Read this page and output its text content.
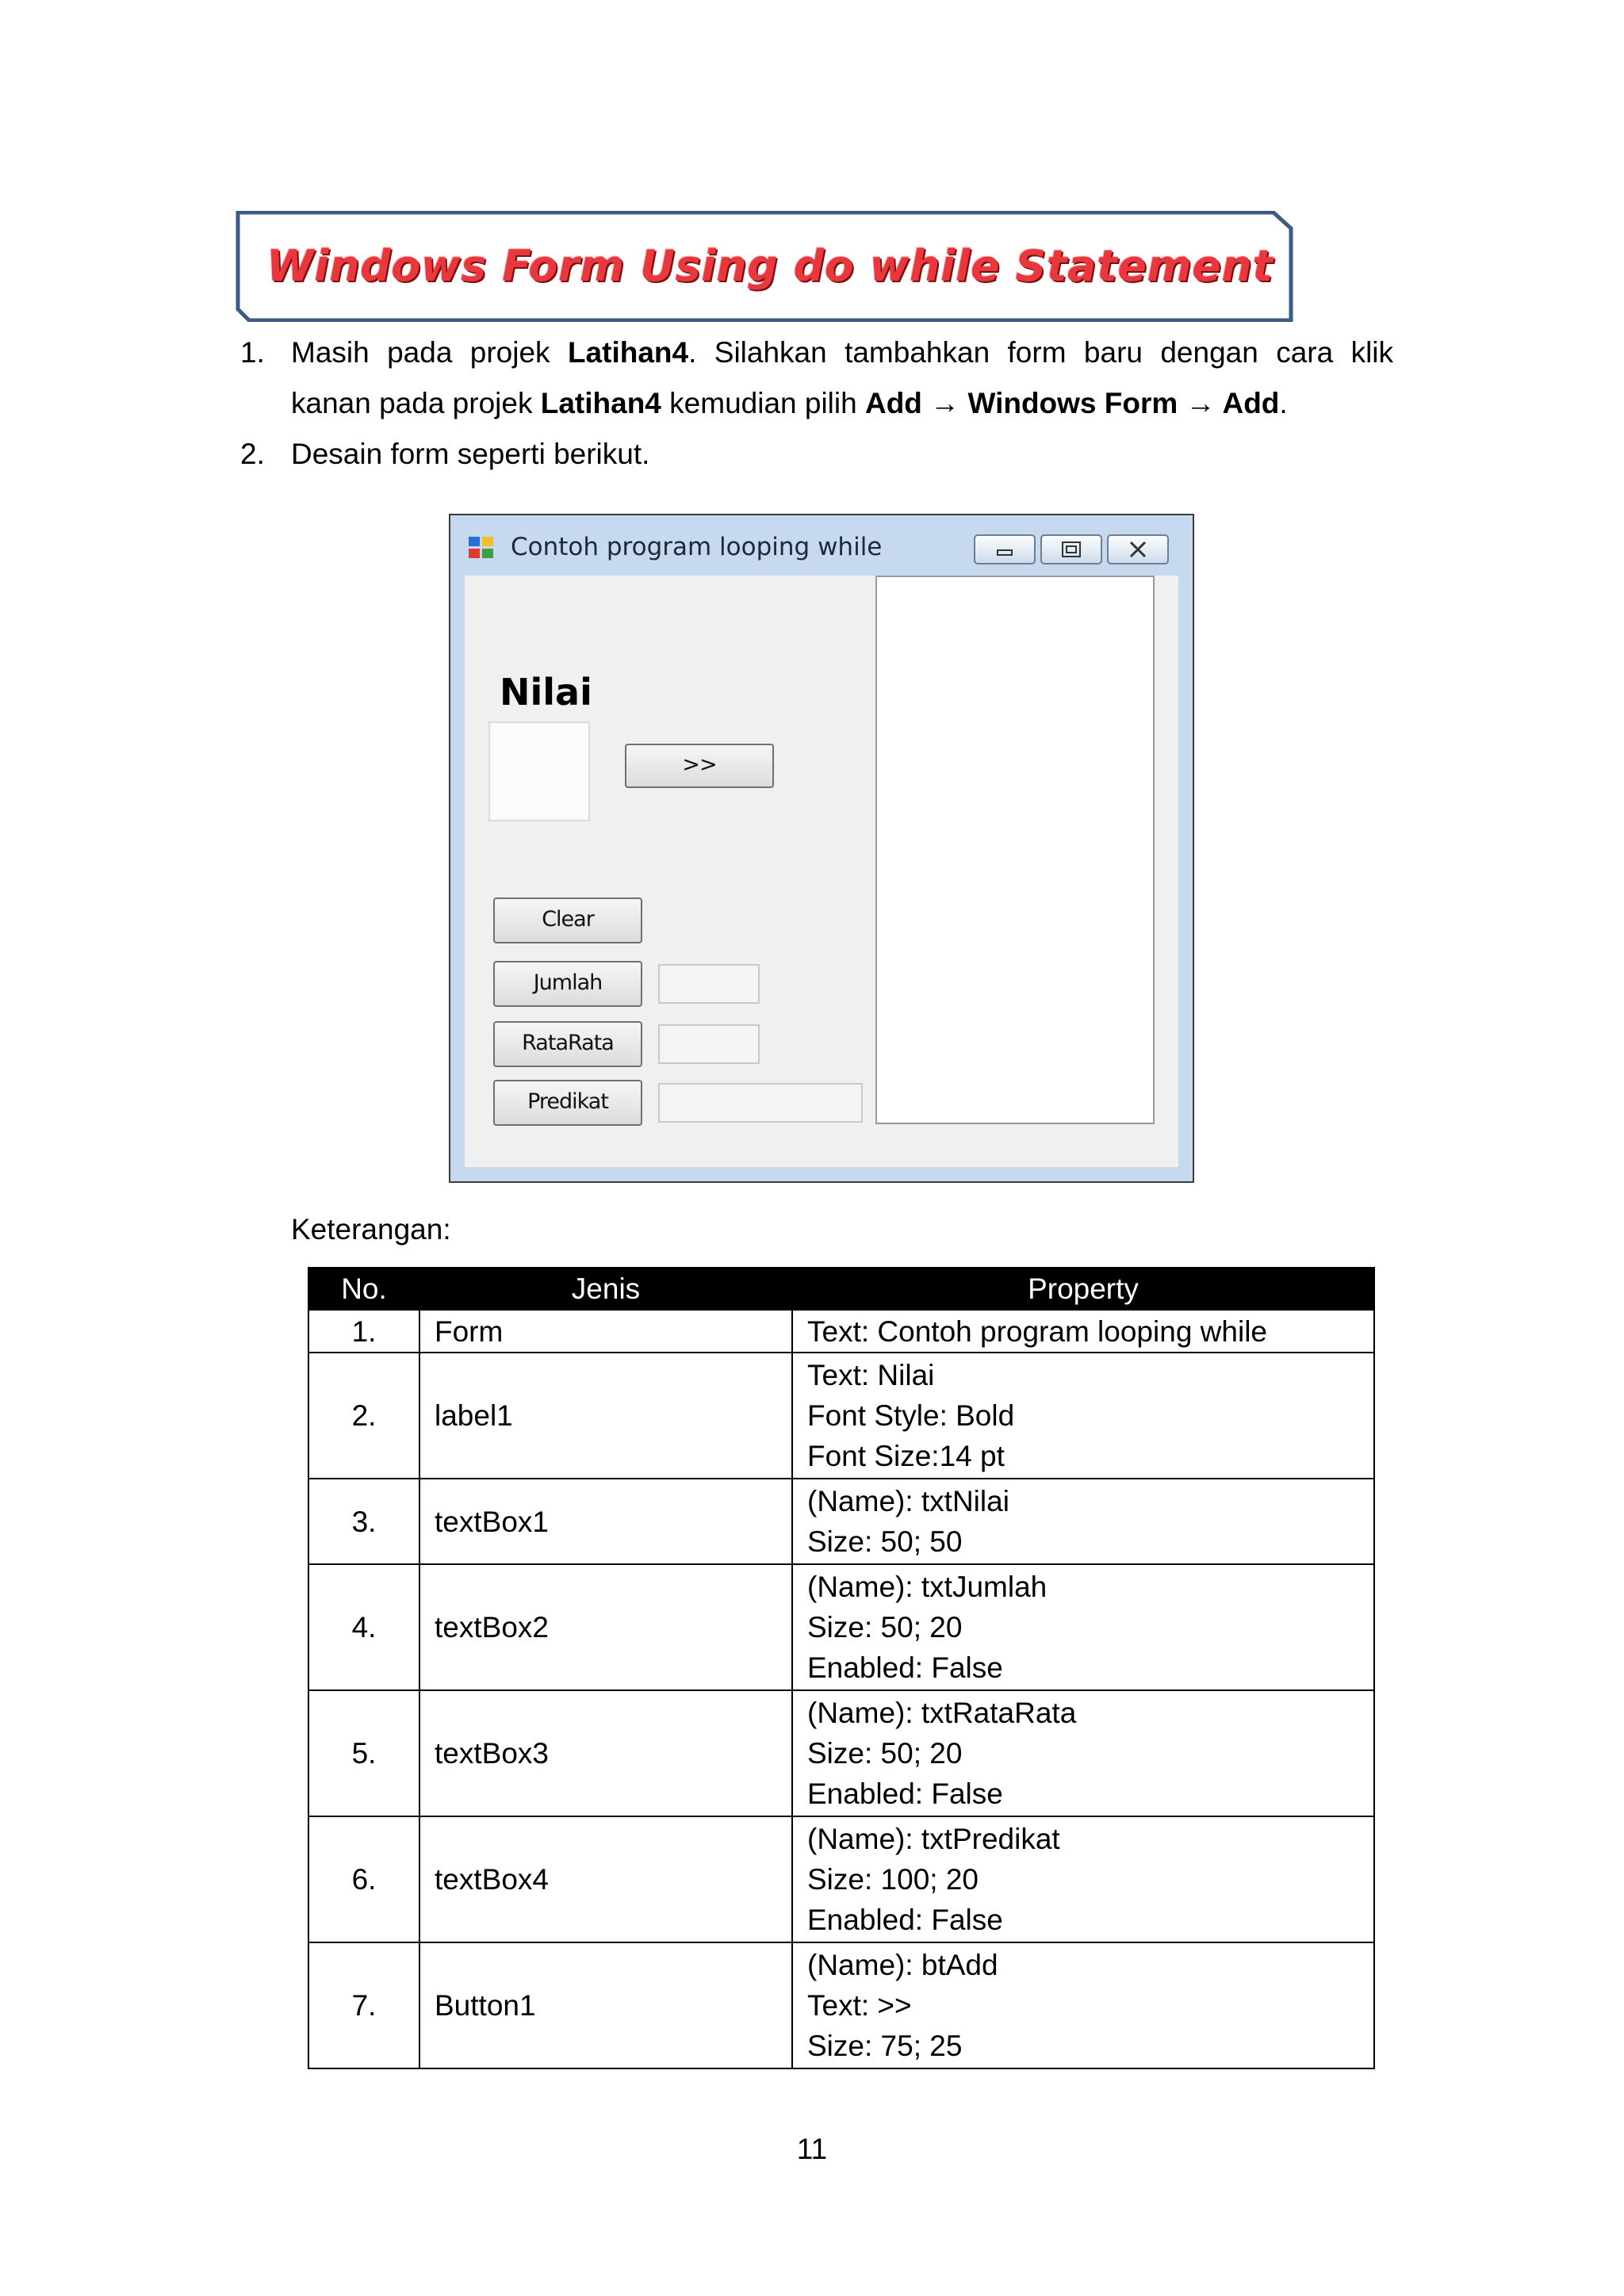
Windows Form Using do while Statement
1. Masih pada projek Latihan4. Silahkan tambahkan form baru dengan cara klik
kanan pada projek Latihan4 kemudian pilih Add → Windows Form → Add.
2. Desain form seperti berikut.
Contoh program looping while
Nilai
>>
Clear
Jumlah
RataRata
Predikat
Keterangan:
No.	Jenis	Property
1.	Form	Text: Contoh program looping while

2.	label1	Text: Nilai
Font Style: Bold
Font Size:14 pt

3.	textBox1	(Name): txtNilai
Size: 50; 50

4.	textBox2	(Name): txtJumlah
Size: 50; 20
Enabled: False

5.	textBox3	(Name): txtRataRata
Size: 50; 20
Enabled: False

6.	textBox4	(Name): txtPredikat
Size: 100; 20
Enabled: False

7.	Button1	(Name): btAdd
Text: >>
Size: 75; 25
11
